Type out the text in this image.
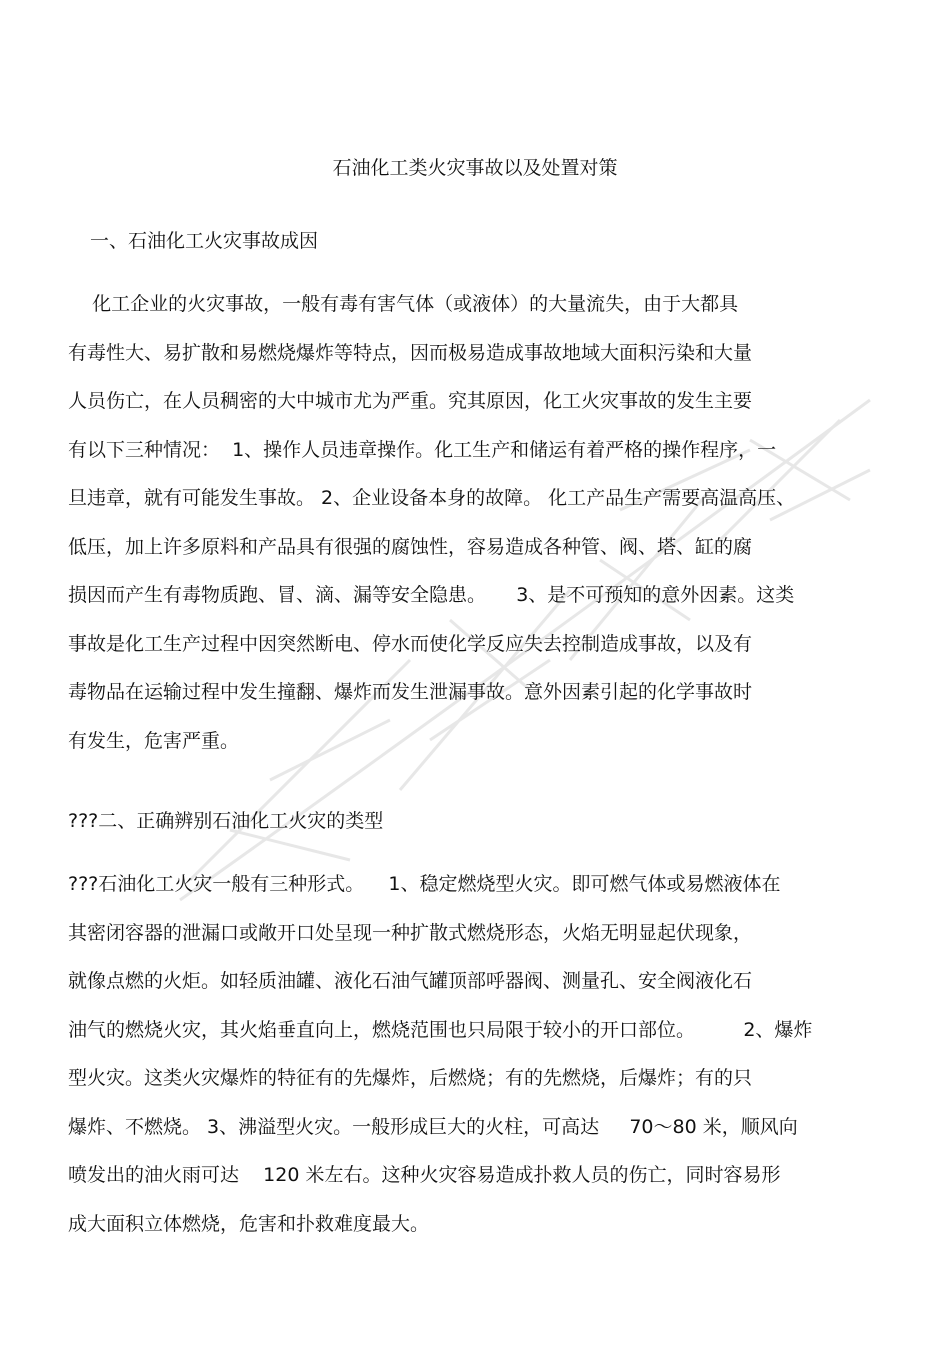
石油化工类火灾事故以及处置对策
一、石油化工火灾事故成因

化工企业的火灾事故，一般有毒有害气体（或液体）的大量流失，由于大都具
有毒性大、易扩散和易燃烧爆炸等特点，因而极易造成事故地域大面积污染和大量
人员伤亡，在人员稠密的大中城市尤为严重。究其原因，化工火灾事故的发生主要
有以下三种情况：  1、操作人员违章操作。化工生产和储运有着严格的操作程序，一
旦违章，就有可能发生事故。 2、企业设备本身的故障。 化工产品生产需要高温高压、
低压，加上许多原料和产品具有很强的腐蚀性，容易造成各种管、阀、塔、缸的腐
损因而产生有毒物质跑、冒、滴、漏等安全隐患。     3、是不可预知的意外因素。这类
事故是化工生产过程中因突然断电、停水而使化学反应失去控制造成事故，以及有
毒物品在运输过程中发生撞翻、爆炸而发生泄漏事故。意外因素引起的化学事故时
有发生，危害严重。

???二、正确辨别石油化工火灾的类型

???石油化工火灾一般有三种形式。    1、稳定燃烧型火灾。即可燃气体或易燃液体在
其密闭容器的泄漏口或敞开口处呈现一种扩散式燃烧形态，火焰无明显起伏现象，
就像点燃的火炬。如轻质油罐、液化石油气罐顶部呼器阀、测量孔、安全阀液化石
油气的燃烧火灾，其火焰垂直向上，燃烧范围也只局限于较小的开口部位。        2、爆炸
型火灾。这类火灾爆炸的特征有的先爆炸，后燃烧；有的先燃烧，后爆炸；有的只
爆炸、不燃烧。 3、沸溢型火灾。一般形成巨大的火柱，可高达     70～80 米，顺风向
喷发出的油火雨可达    120 米左右。这种火灾容易造成扑救人员的伤亡，同时容易形
成大面积立体燃烧，危害和扑救难度最大。
